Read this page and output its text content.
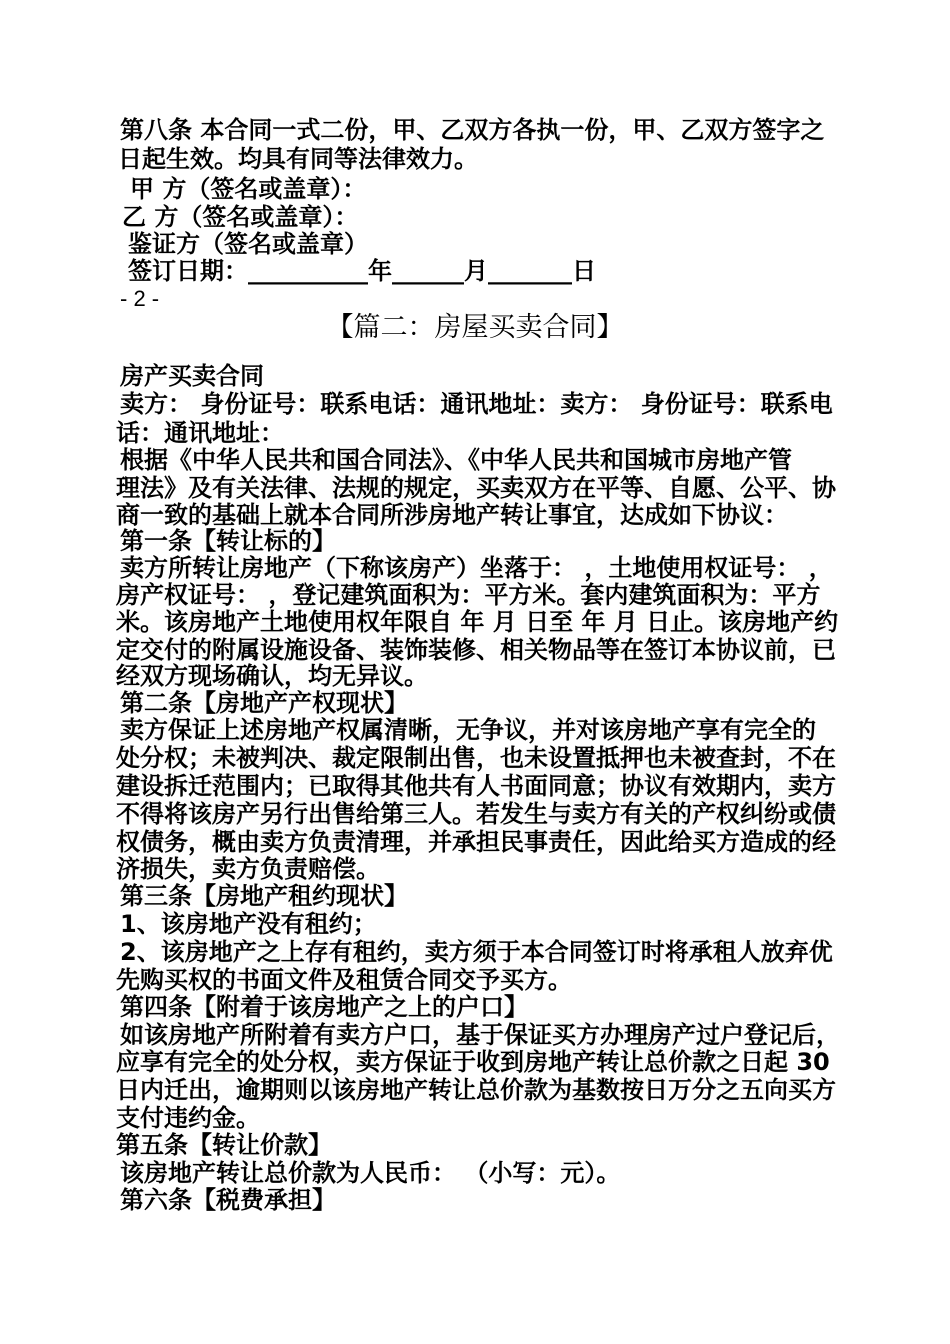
第八条 本合同一式二份，甲、乙双方各执一份，甲、乙双方签字之
日起生效。均具有同等法律效力。
甲 方（签名或盖章）：
乙 方（签名或盖章）：
鉴证方（签名或盖章）
签订日期：__________年______月_______日
- 2 -
【篇二：房屋买卖合同】
房产买卖合同
卖方： 身份证号：联系电话：通讯地址：卖方： 身份证号：联系电
话：通讯地址：
根据《中华人民共和国合同法》、《中华人民共和国城市房地产管
理法》及有关法律、法规的规定，买卖双方在平等、自愿、公平、协
商一致的基础上就本合同所涉房地产转让事宜，达成如下协议：
第一条【转让标的】
卖方所转让房地产（下称该房产）坐落于： ，土地使用权证号： ，
房产权证号： ，登记建筑面积为：平方米。套内建筑面积为：平方
米。该房地产土地使用权年限自 年 月 日至 年 月 日止。该房地产约
定交付的附属设施设备、装饰装修、相关物品等在签订本协议前，已
经双方现场确认，均无异议。
第二条【房地产产权现状】
卖方保证上述房地产权属清晰，无争议，并对该房地产享有完全的
处分权；未被判决、裁定限制出售，也未设置抵押也未被查封，不在
建设拆迁范围内；已取得其他共有人书面同意；协议有效期内，卖方
不得将该房产另行出售给第三人。若发生与卖方有关的产权纠纷或债
权债务，概由卖方负责清理，并承担民事责任，因此给买方造成的经
济损失，卖方负责赔偿。
第三条【房地产租约现状】
1、该房地产没有租约；
2、该房地产之上存有租约，卖方须于本合同签订时将承租人放弃优
先购买权的书面文件及租赁合同交予买方。
第四条【附着于该房地产之上的户口】
如该房地产所附着有卖方户口，基于保证买方办理房产过户登记后，
应享有完全的处分权，卖方保证于收到房地产转让总价款之日起 30
日内迁出，逾期则以该房地产转让总价款为基数按日万分之五向买方
支付违约金。
第五条【转让价款】
该房地产转让总价款为人民币： （小写：元）。
第六条【税费承担】
